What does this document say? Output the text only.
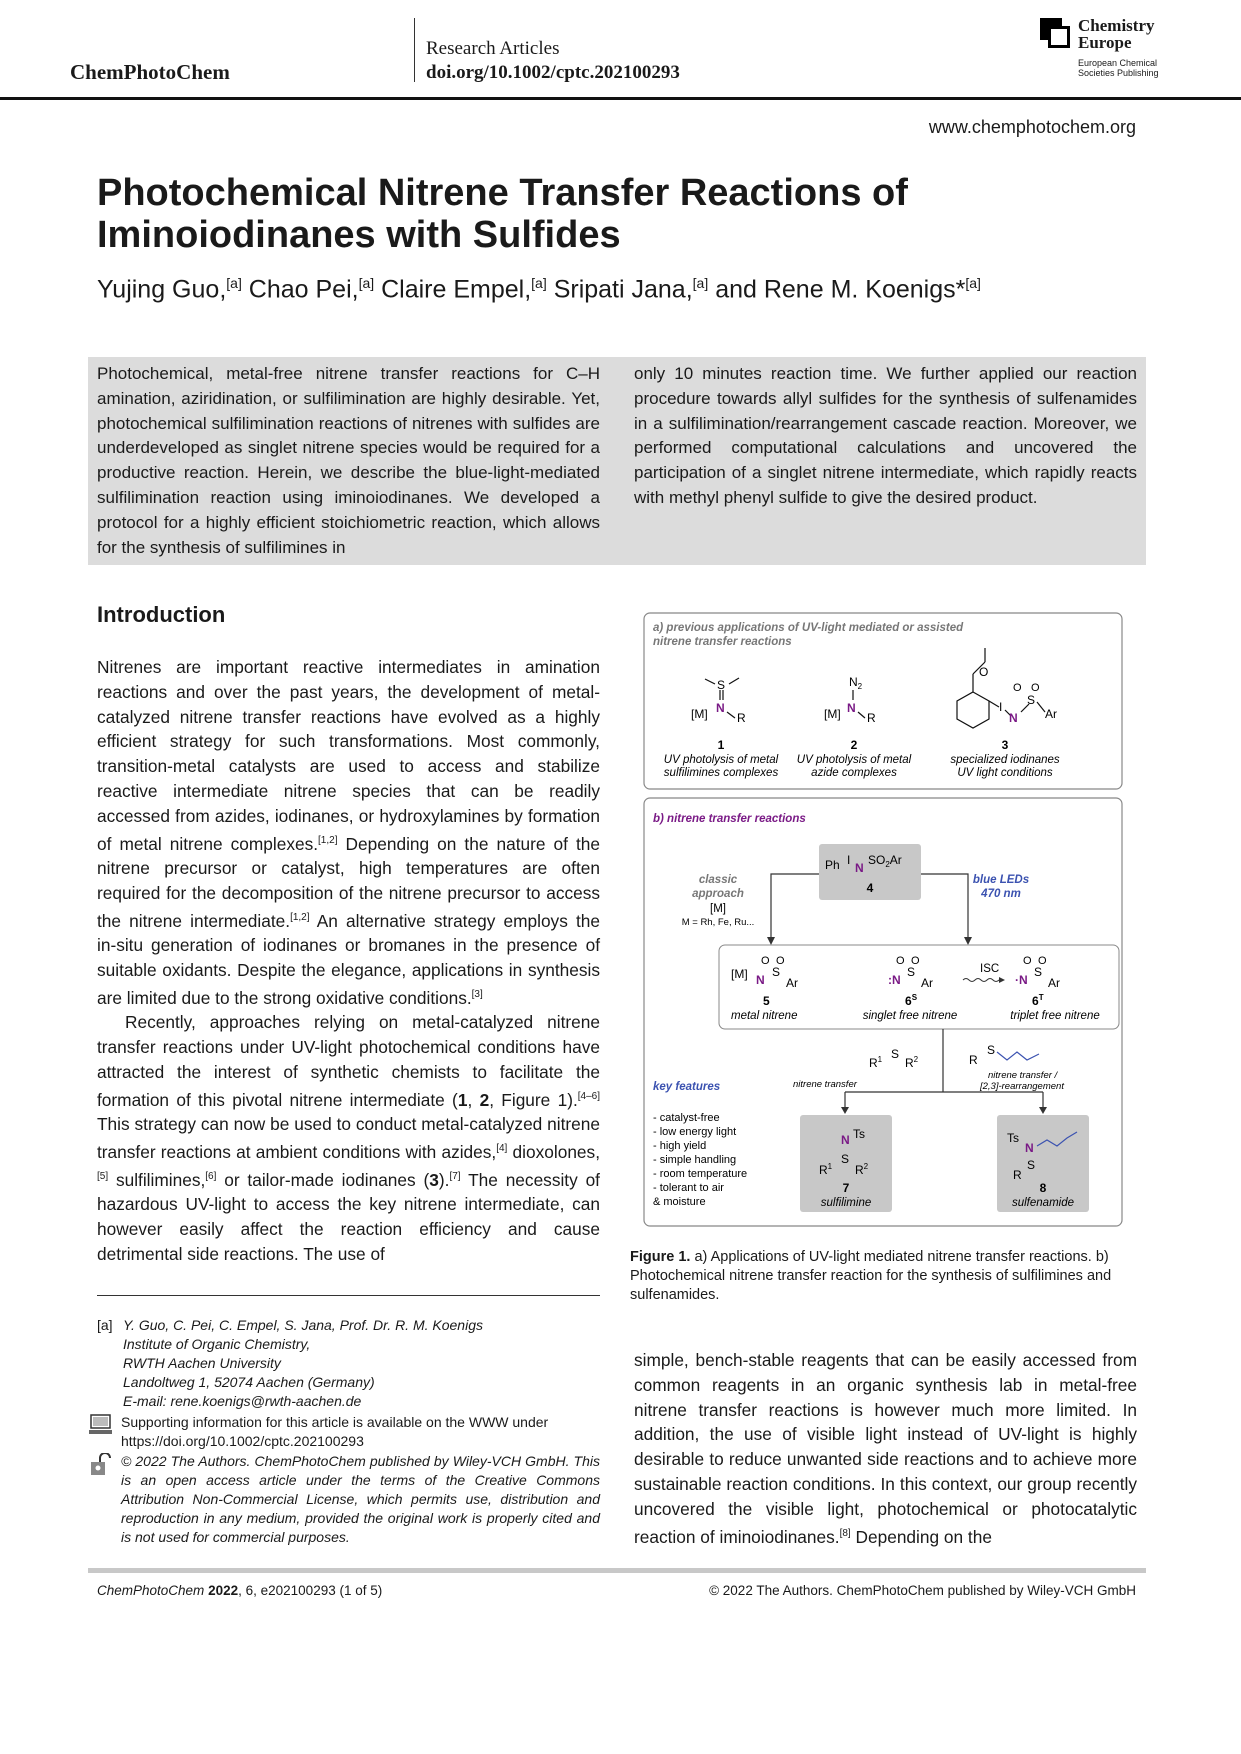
ChemPhotoChem
Research Articles
doi.org/10.1002/cptc.202100293
Chemistry
Europe
European Chemical
Societies Publishing
www.chemphotochem.org
Photochemical Nitrene Transfer Reactions of
Iminoiodinanes with Sulfides
Yujing Guo,[a] Chao Pei,[a] Claire Empel,[a] Sripati Jana,[a] and Rene M. Koenigs*[a]
Photochemical, metal-free nitrene transfer reactions for C–H amination, aziridination, or sulfilimination are highly desirable. Yet, photochemical sulfilimination reactions of nitrenes with sulfides are underdeveloped as singlet nitrene species would be required for a productive reaction. Herein, we describe the blue-light-mediated sulfilimination reaction using iminoiodinanes. We developed a protocol for a highly efficient stoichiometric reaction, which allows for the synthesis of sulfilimines in
only 10 minutes reaction time. We further applied our reaction procedure towards allyl sulfides for the synthesis of sulfenamides in a sulfilimination/rearrangement cascade reaction. Moreover, we performed computational calculations and uncovered the participation of a singlet nitrene intermediate, which rapidly reacts with methyl phenyl sulfide to give the desired product.
Introduction
Nitrenes are important reactive intermediates in amination reactions and over the past years, the development of metal-catalyzed nitrene transfer reactions have evolved as a highly efficient strategy for such transformations. Most commonly, transition-metal catalysts are used to access and stabilize reactive intermediate nitrene species that can be readily accessed from azides, iodinanes, or hydroxylamines by formation of metal nitrene complexes.[1,2] Depending on the nature of the nitrene precursor or catalyst, high temperatures are often required for the decomposition of the nitrene precursor to access the nitrene intermediate.[1,2] An alternative strategy employs the in-situ generation of iodinanes or bromanes in the presence of suitable oxidants. Despite the elegance, applications in synthesis are limited due to the strong oxidative conditions.[3]
Recently, approaches relying on metal-catalyzed nitrene transfer reactions under UV-light photochemical conditions have attracted the interest of synthetic chemists to facilitate the formation of this pivotal nitrene intermediate (1, 2, Figure 1).[4–6] This strategy can now be used to conduct metal-catalyzed nitrene transfer reactions at ambient conditions with azides,[4] dioxolones,[5] sulfilimines,[6] or tailor-made iodinanes (3).[7] The necessity of hazardous UV-light to access the key nitrene intermediate, can however easily affect the reaction efficiency and cause detrimental side reactions. The use of
[a] Y. Guo, C. Pei, C. Empel, S. Jana, Prof. Dr. R. M. Koenigs
Institute of Organic Chemistry,
RWTH Aachen University
Landoltweg 1, 52074 Aachen (Germany)
E-mail: rene.koenigs@rwth-aachen.de
Supporting information for this article is available on the WWW under https://doi.org/10.1002/cptc.202100293
© 2022 The Authors. ChemPhotoChem published by Wiley-VCH GmbH. This is an open access article under the terms of the Creative Commons Attribution Non-Commercial License, which permits use, distribution and reproduction in any medium, provided the original work is properly cited and is not used for commercial purposes.
a) previous applications of UV-light mediated or assisted
nitrene transfer reactions
S
N
[M] R
1
UV photolysis of metal
sulfilimines complexes
$N_2$
N
[M] R
2
UV photolysis of metal
azide complexes
O
I
N
S
O O
Ar
3
specialized iodinanes
UV light conditions
b) nitrene transfer reactions
Ph I
N
$SO_2Ar$
4
classic
approach
[M]
M = Rh, Fe, Ru...
blue LEDs
470 nm
[M] N
S
O O
Ar
5
metal nitrene
:N
S
O O
Ar
$6^S$
singlet free nitrene
ISC
·N
S
O O
Ar
$6^T$
triplet free nitrene
$R^1$ S
$R^2$	R
S
nitrene transfer
nitrene transfer /
[2,3]-rearrangement
key features
- catalyst-free
- low energy light
- high yield
- simple handling
- room temperature
- tolerant to air
& moisture
N Ts
S
$R^1$ $R^2$
7
sulfilimine
Ts
N
S
R
8
sulfenamide
Figure 1. a) Applications of UV-light mediated nitrene transfer reactions. b) Photochemical nitrene transfer reaction for the synthesis of sulfilimines and sulfenamides.
simple, bench-stable reagents that can be easily accessed from common reagents in an organic synthesis lab in metal-free nitrene transfer reactions is however much more limited. In addition, the use of visible light instead of UV-light is highly desirable to reduce unwanted side reactions and to achieve more sustainable reaction conditions. In this context, our group recently uncovered the visible light, photochemical or photocatalytic reaction of iminoiodinanes.[8] Depending on the
ChemPhotoChem 2022, 6, e202100293 (1 of 5)	© 2022 The Authors. ChemPhotoChem published by Wiley-VCH GmbH
